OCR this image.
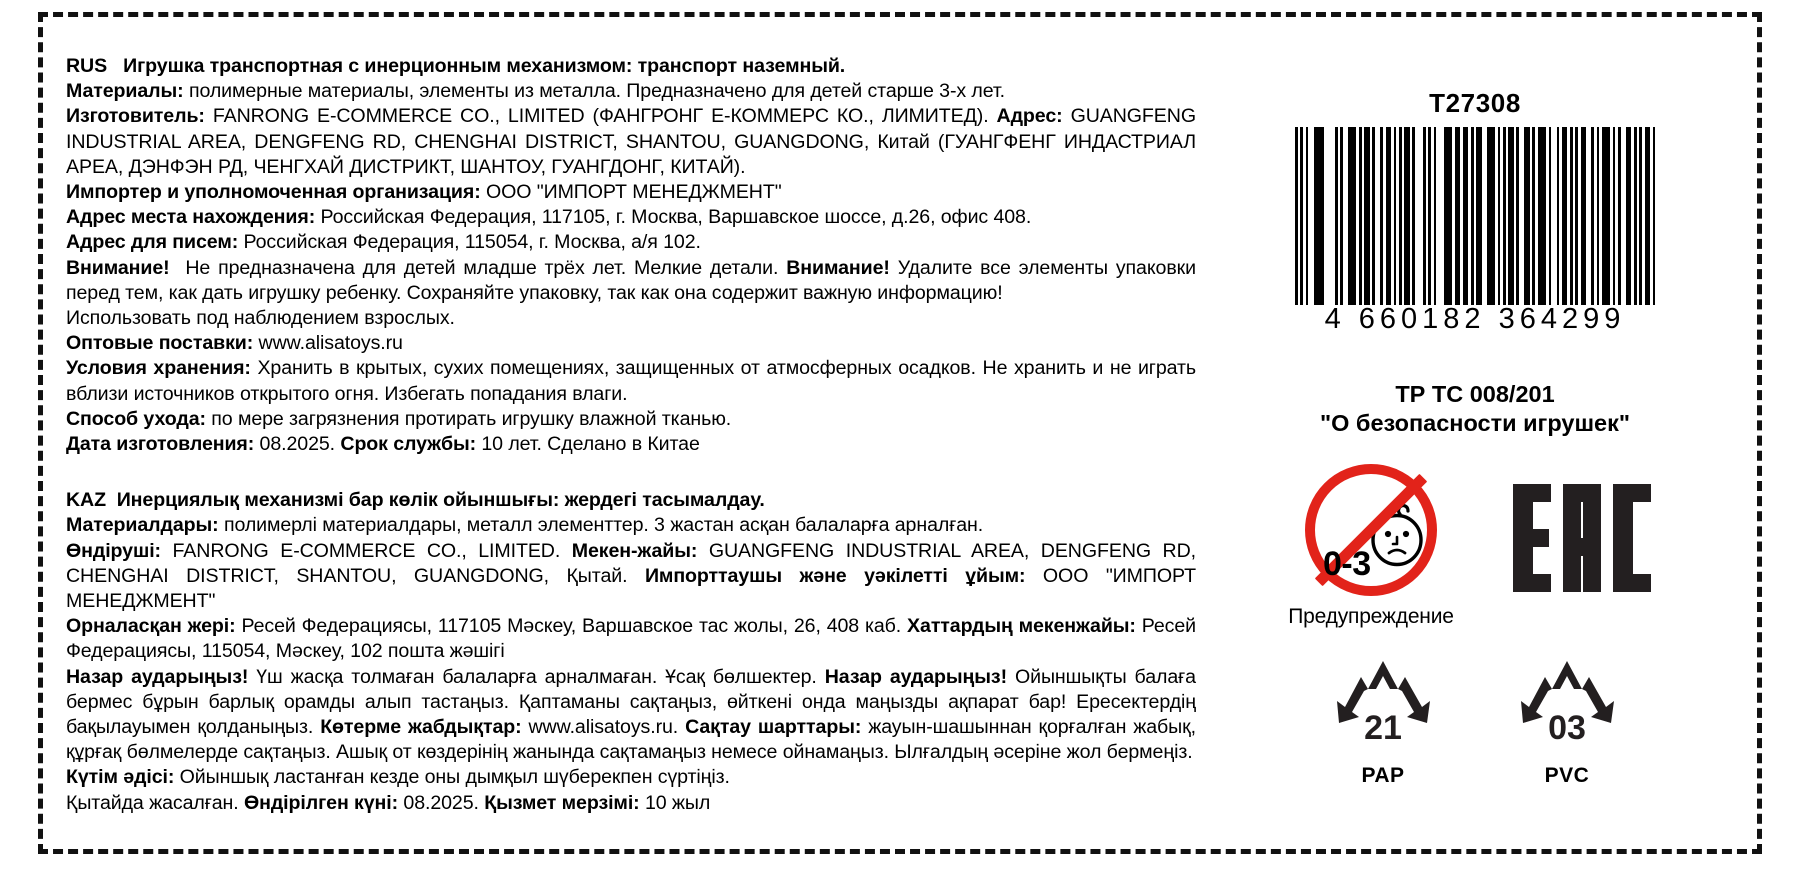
RUS Игрушка транспортная с инерционным механизмом: транспорт наземный.

Материалы: полимерные материалы, элементы из металла. Предназначено для детей старше 3-х лет.

Изготовитель: FANRONG E-COMMERCE CO., LIMITED (ФАНГРОНГ Е-КОММЕРС КО., ЛИМИТЕД). Адрес: GUANGFENG INDUSTRIAL AREA, DENGFENG RD, CHENGHAI DISTRICT, SHANTOU, GUANGDONG, Китай (ГУАНГФЕНГ ИНДАСТРИАЛ АРЕА, ДЭНФЭН РД, ЧЕНГХАЙ ДИСТРИКТ, ШАНТОУ, ГУАНГДОНГ, КИТАЙ).

Импортер и уполномоченная организация: ООО "ИМПОРТ МЕНЕДЖМЕНТ"

Адрес места нахождения: Российская Федерация, 117105, г. Москва, Варшавское шоссе, д.26, офис 408.

Адрес для писем: Российская Федерация, 115054, г. Москва, а/я 102.

Внимание! Не предназначена для детей младше трёх лет. Мелкие детали. Внимание! Удалите все элементы упаковки перед тем, как дать игрушку ребенку. Сохраняйте упаковку, так как она содержит важную информацию!

Использовать под наблюдением взрослых.

Оптовые поставки: www.alisatoys.ru

Условия хранения: Хранить в крытых, сухих помещениях, защищенных от атмосферных осадков. Не хранить и не играть вблизи источников открытого огня. Избегать попадания влаги.

Способ ухода: по мере загрязнения протирать игрушку влажной тканью.

Дата изготовления: 08.2025. Срок службы: 10 лет. Сделано в Китае

KAZ Инерциялық механизмі бар көлік ойыншығы: жердегі тасымалдау.

Материалдары: полимерлі материалдары, металл элементтер. 3 жастан асқан балаларға арналған.

Өндіруші: FANRONG E-COMMERCE CO., LIMITED. Мекен-жайы: GUANGFENG INDUSTRIAL AREA, DENGFENG RD, CHENGHAI DISTRICT, SHANTOU, GUANGDONG, Қытай. Импорттаушы және уәкілетті ұйым: ООО "ИМПОРТ МЕНЕДЖМЕНТ"

Орналасқан жері: Ресей Федерациясы, 117105 Мәскеу, Варшавское тас жолы, 26, 408 каб. Хаттардың мекенжайы: Ресей Федерациясы, 115054, Мәскеу, 102 пошта жәшігі

Назар аударыңыз! Үш жасқа толмаған балаларға арналмаған. Ұсақ бөлшектер. Назар аударыңыз! Ойыншықты балаға бермес бұрын барлық орамды алып тастаңыз. Қаптаманы сақтаңыз, өйткені онда маңызды ақпарат бар! Ересектердің бақылауымен қолданыңыз. Көтерме жабдықтар: www.alisatoys.ru. Сақтау шарттары: жауын-шашыннан қорғалған жабық, құрғақ бөлмелерде сақтаңыз. Ашық от көздерінің жанында сақтамаңыз немесе ойнамаңыз. Ылғалдың әсеріне жол бермеңіз.

Күтім әдісі: Ойыншық ластанған кезде оны дымқыл шүберекпен сүртіңіз.

Қытайда жасалған. Өндірілген күні: 08.2025. Қызмет мерзімі: 10 жыл

T27308
4 660182 364299
ТР ТС 008/201
"О безопасности игрушек"
0-3
Предупреждение
21
PAP
03
PVC
